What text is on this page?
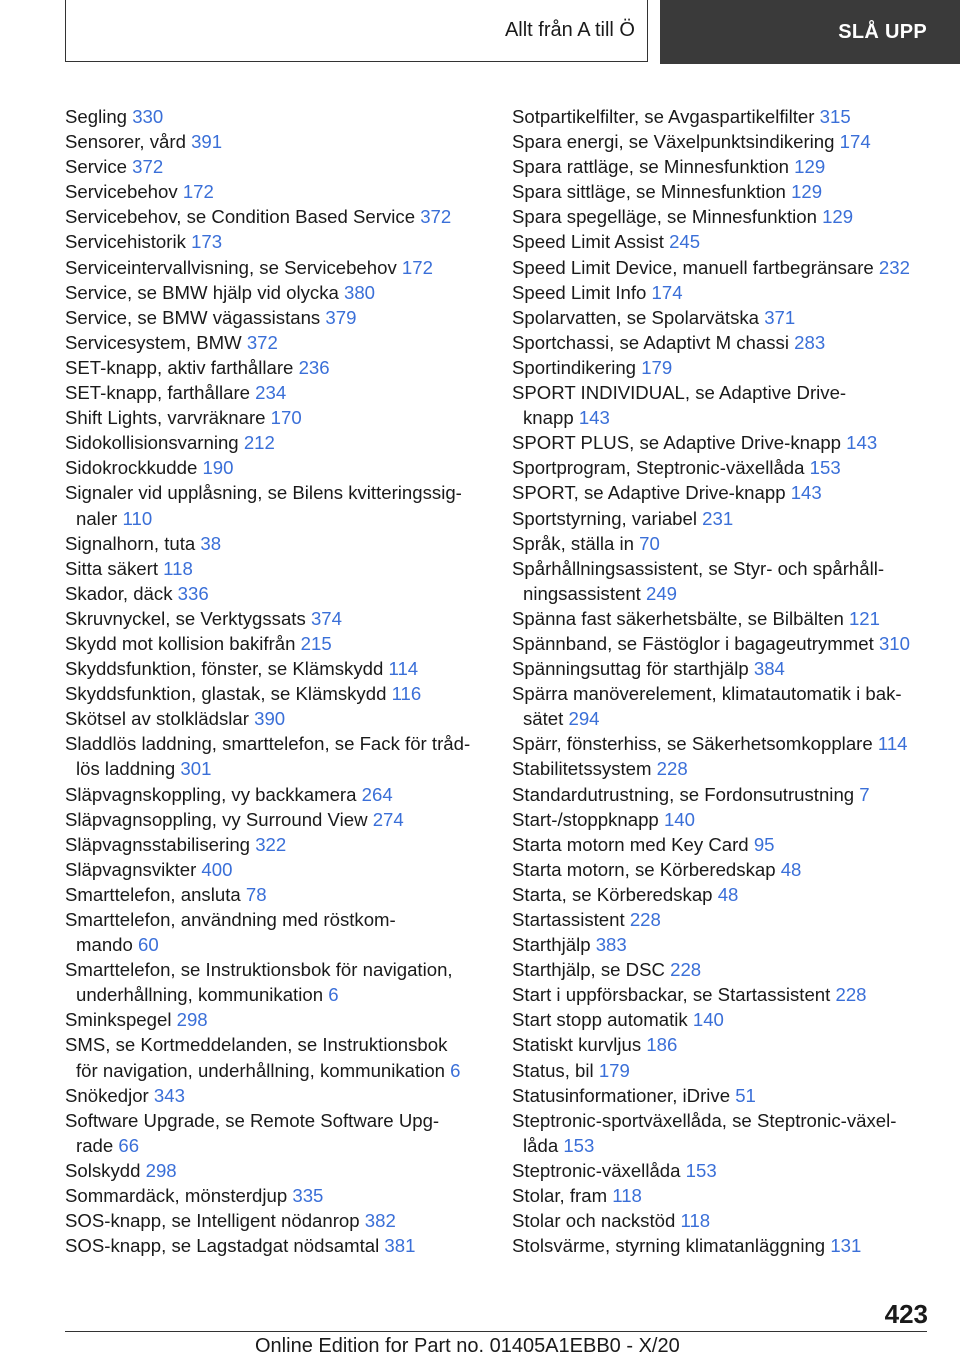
Allt från A till Ö	SLÅ UPP
Segling 330
Sensorer, vård 391
Service 372
Servicebehov 172
Servicebehov, se Condition Based Service 372
Servicehistorik 173
Serviceintervallvisning, se Servicebehov 172
Service, se BMW hjälp vid olycka 380
Service, se BMW vägassistans 379
Servicesystem, BMW 372
SET-knapp, aktiv farthållare 236
SET-knapp, farthållare 234
Shift Lights, varvräknare 170
Sidokollisionsvarning 212
Sidokrockkudde 190
Signaler vid upplåsning, se Bilens kvitteringssig-
naler 110
Signalhorn, tuta 38
Sitta säkert 118
Skador, däck 336
Skruvnyckel, se Verktygssats 374
Skydd mot kollision bakifrån 215
Skyddsfunktion, fönster, se Klämskydd 114
Skyddsfunktion, glastak, se Klämskydd 116
Skötsel av stolklädslar 390
Sladdlös laddning, smarttelefon, se Fack för tråd-
lös laddning 301
Släpvagnskoppling, vy backkamera 264
Släpvagnsoppling, vy Surround View 274
Släpvagnsstabilisering 322
Släpvagnsvikter 400
Smarttelefon, ansluta 78
Smarttelefon, användning med röstkom-
mando 60
Smarttelefon, se Instruktionsbok för navigation,
underhållning, kommunikation 6
Sminkspegel 298
SMS, se Kortmeddelanden, se Instruktionsbok
för navigation, underhållning, kommunikation 6
Snökedjor 343
Software Upgrade, se Remote Software Upg-
rade 66
Solskydd 298
Sommardäck, mönsterdjup 335
SOS-knapp, se Intelligent nödanrop 382
SOS-knapp, se Lagstadgat nödsamtal 381
Sotpartikelfilter, se Avgaspartikelfilter 315
Spara energi, se Växelpunktsindikering 174
Spara rattläge, se Minnesfunktion 129
Spara sittläge, se Minnesfunktion 129
Spara spegelläge, se Minnesfunktion 129
Speed Limit Assist 245
Speed Limit Device, manuell fartbegränsare 232
Speed Limit Info 174
Spolarvatten, se Spolarvätska 371
Sportchassi, se Adaptivt M chassi 283
Sportindikering 179
SPORT INDIVIDUAL, se Adaptive Drive-
knapp 143
SPORT PLUS, se Adaptive Drive-knapp 143
Sportprogram, Steptronic-växellåda 153
SPORT, se Adaptive Drive-knapp 143
Sportstyrning, variabel 231
Språk, ställa in 70
Spårhållningsassistent, se Styr- och spårhåll-
ningsassistent 249
Spänna fast säkerhetsbälte, se Bilbälten 121
Spännband, se Fästöglor i bagageutrymmet 310
Spänningsuttag för starthjälp 384
Spärra manöverelement, klimatautomatik i bak-
sätet 294
Spärr, fönsterhiss, se Säkerhetsomkopplare 114
Stabilitetssystem 228
Standardutrustning, se Fordonsutrustning 7
Start-/stoppknapp 140
Starta motorn med Key Card 95
Starta motorn, se Körberedskap 48
Starta, se Körberedskap 48
Startassistent 228
Starthjälp 383
Starthjälp, se DSC 228
Start i uppförsbackar, se Startassistent 228
Start stopp automatik 140
Statiskt kurvljus 186
Status, bil 179
Statusinformationer, iDrive 51
Steptronic-sportväxellåda, se Steptronic-växel-
låda 153
Steptronic-växellåda 153
Stolar, fram 118
Stolar och nackstöd 118
Stolsvärme, styrning klimatanläggning 131
423
Online Edition for Part no. 01405A1EBB0 - X/20
